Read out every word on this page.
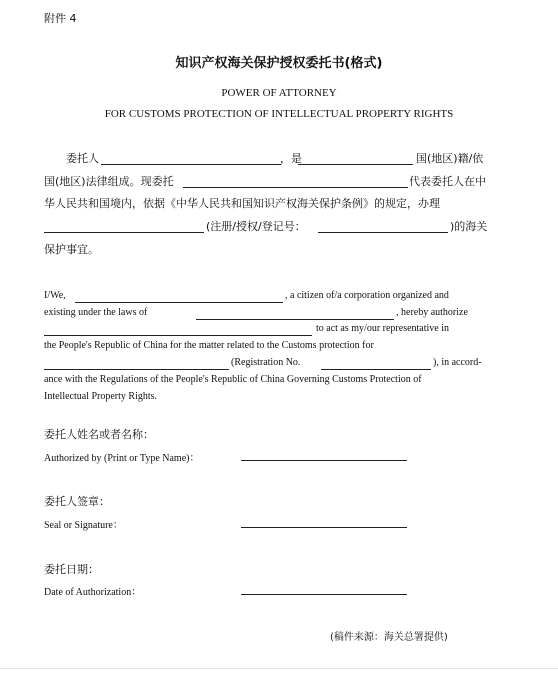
附件 4
知识产权海关保护授权委托书(格式)
POWER OF ATTORNEY
FOR CUSTOMS PROTECTION OF INTELLECTUAL PROPERTY RIGHTS
委托人	，是	国(地区)籍/依
国(地区)法律组成。现委托	代表委托人在中
华人民共和国境内，依据《中华人民共和国知识产权海关保护条例》的规定，办理
(注册/授权/登记号：	)的海关
保护事宜。
I/We,	, a citizen of/a corporation organized and
existing under the laws of	, hereby authorize
to act as my/our representative in
the People's Republic of China for the matter related to the Customs protection for
(Registration No.	), in accord-
ance with the Regulations of the People's Republic of China Governing Customs Protection of
Intellectual Property Rights.
委托人姓名或者名称：
Authorized by (Print or Type Name)：
委托人签章：
Seal or Signature：
委托日期：
Date of Authorization：
(稿件来源：海关总署提供)
